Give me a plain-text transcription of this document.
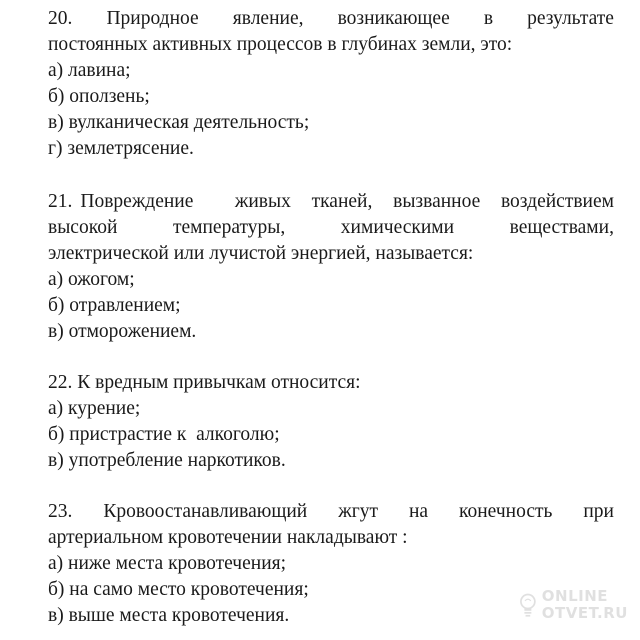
20. Природное явление, возникающее в результате
постоянных активных процессов в глубинах земли, это:
а) лавина;
б) оползень;
в) вулканическая деятельность;
г) землетрясение.
21. Повреждение  живых тканей, вызванное воздействием
высокой	температуры,	химическими	веществами,
электрической или лучистой энергией, называется:
а) ожогом;
б) отравлением;
в) отморожением.
22. К вредным привычкам относится:
а) курение;
б) пристрастие к  алкоголю;
в) употребление наркотиков.
23. Кровоостанавливающий жгут на конечность при
артериальном кровотечении накладывают :
а) ниже места кровотечения;
б) на само место кровотечения;
в) выше места кровотечения.
ONLINE
OTVET.RU
